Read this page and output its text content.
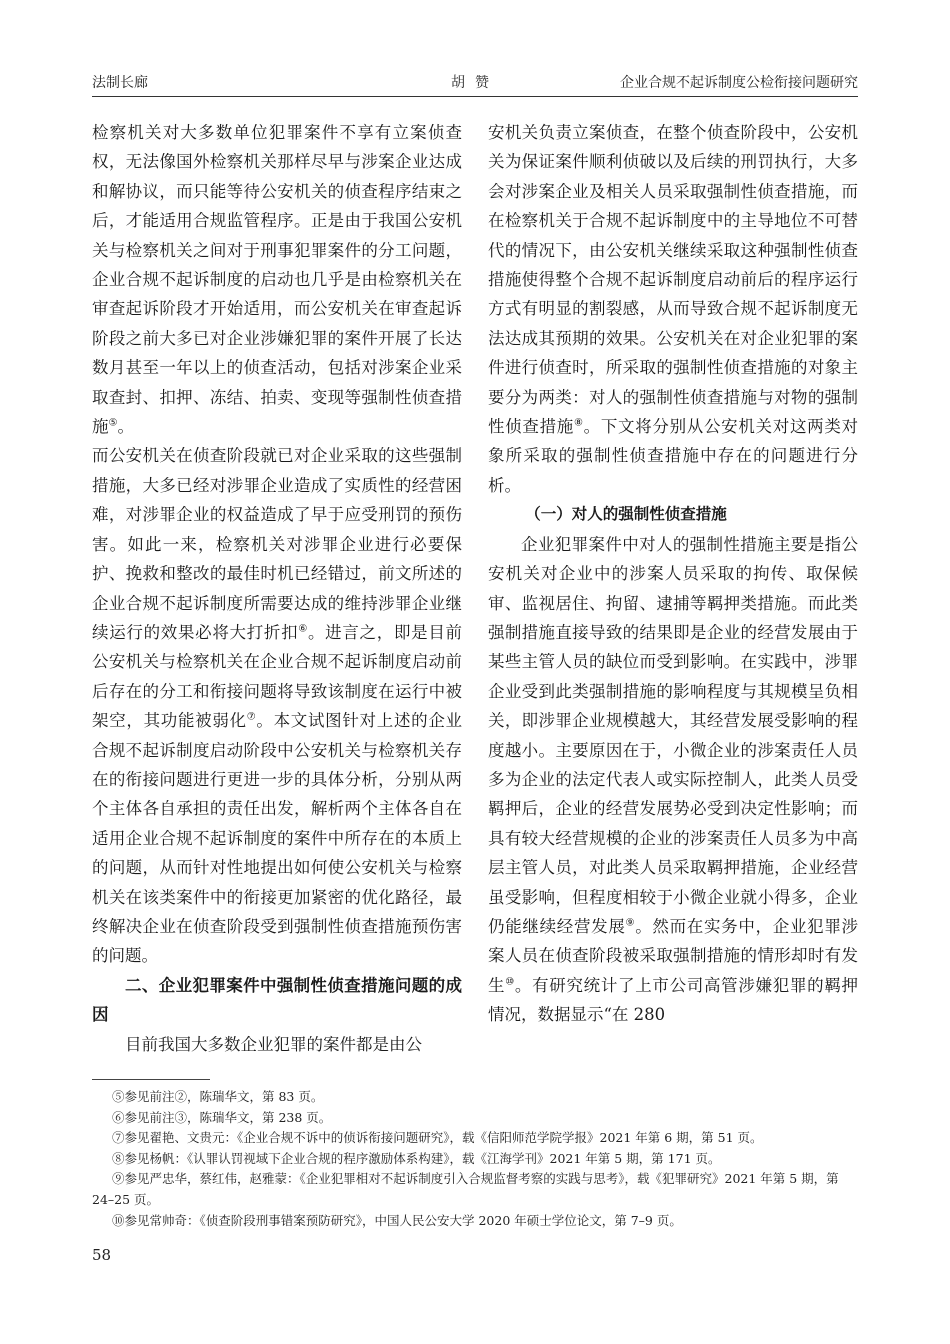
法制长廊	胡赞	企业合规不起诉制度公检衔接问题研究

检察机关对大多数单位犯罪案件不享有立案侦查权，无法像国外检察机关那样尽早与涉案企业达成和解协议，而只能等待公安机关的侦查程序结束之后，才能适用合规监管程序。正是由于我国公安机关与检察机关之间对于刑事犯罪案件的分工问题，企业合规不起诉制度的启动也几乎是由检察机关在审查起诉阶段才开始适用，而公安机关在审查起诉阶段之前大多已对企业涉嫌犯罪的案件开展了长达数月甚至一年以上的侦查活动，包括对涉案企业采取查封、扣押、冻结、拍卖、变现等强制性侦查措施⑤。

而公安机关在侦查阶段就已对企业采取的这些强制措施，大多已经对涉罪企业造成了实质性的经营困难，对涉罪企业的权益造成了早于应受刑罚的预伤害。如此一来，检察机关对涉罪企业进行必要保护、挽救和整改的最佳时机已经错过，前文所述的企业合规不起诉制度所需要达成的维持涉罪企业继续运行的效果必将大打折扣⑥。进言之，即是目前公安机关与检察机关在企业合规不起诉制度启动前后存在的分工和衔接问题将导致该制度在运行中被架空，其功能被弱化⑦。本文试图针对上述的企业合规不起诉制度启动阶段中公安机关与检察机关存在的衔接问题进行更进一步的具体分析，分别从两个主体各自承担的责任出发，解析两个主体各自在适用企业合规不起诉制度的案件中所存在的本质上的问题，从而针对性地提出如何使公安机关与检察机关在该类案件中的衔接更加紧密的优化路径，最终解决企业在侦查阶段受到强制性侦查措施预伤害的问题。

二、企业犯罪案件中强制性侦查措施问题的成因

目前我国大多数企业犯罪的案件都是由公

安机关负责立案侦查，在整个侦查阶段中，公安机关为保证案件顺利侦破以及后续的刑罚执行，大多会对涉案企业及相关人员采取强制性侦查措施，而在检察机关于合规不起诉制度中的主导地位不可替代的情况下，由公安机关继续采取这种强制性侦查措施使得整个合规不起诉制度启动前后的程序运行方式有明显的割裂感，从而导致合规不起诉制度无法达成其预期的效果。公安机关在对企业犯罪的案件进行侦查时，所采取的强制性侦查措施的对象主要分为两类：对人的强制性侦查措施与对物的强制性侦查措施⑧。下文将分别从公安机关对这两类对象所采取的强制性侦查措施中存在的问题进行分析。

（一）对人的强制性侦查措施

企业犯罪案件中对人的强制性措施主要是指公安机关对企业中的涉案人员采取的拘传、取保候审、监视居住、拘留、逮捕等羁押类措施。而此类强制措施直接导致的结果即是企业的经营发展由于某些主管人员的缺位而受到影响。在实践中，涉罪企业受到此类强制措施的影响程度与其规模呈负相关，即涉罪企业规模越大，其经营发展受影响的程度越小。主要原因在于，小微企业的涉案责任人员多为企业的法定代表人或实际控制人，此类人员受羁押后，企业的经营发展势必受到决定性影响；而具有较大经营规模的企业的涉案责任人员多为中高层主管人员，对此类人员采取羁押措施，企业经营虽受影响，但程度相较于小微企业就小得多，企业仍能继续经营发展⑨。然而在实务中，企业犯罪涉案人员在侦查阶段被采取强制措施的情形却时有发生⑩。有研究统计了上市公司高管涉嫌犯罪的羁押情况，数据显示“在 280

⑤参见前注②，陈瑞华文，第 83 页。
⑥参见前注③，陈瑞华文，第 238 页。
⑦参见翟艳、文贵元：《企业合规不诉中的侦诉衔接问题研究》，载《信阳师范学院学报》2021 年第 6 期，第 51 页。
⑧参见杨帆：《认罪认罚视域下企业合规的程序激励体系构建》，载《江海学刊》2021 年第 5 期，第 171 页。
⑨参见严忠华，蔡红伟，赵雅蒙：《企业犯罪相对不起诉制度引入合规监督考察的实践与思考》，载《犯罪研究》2021 年第 5 期，第 24–25 页。
⑩参见常帅奇：《侦查阶段刑事错案预防研究》，中国人民公安大学 2020 年硕士学位论文，第 7–9 页。
58
